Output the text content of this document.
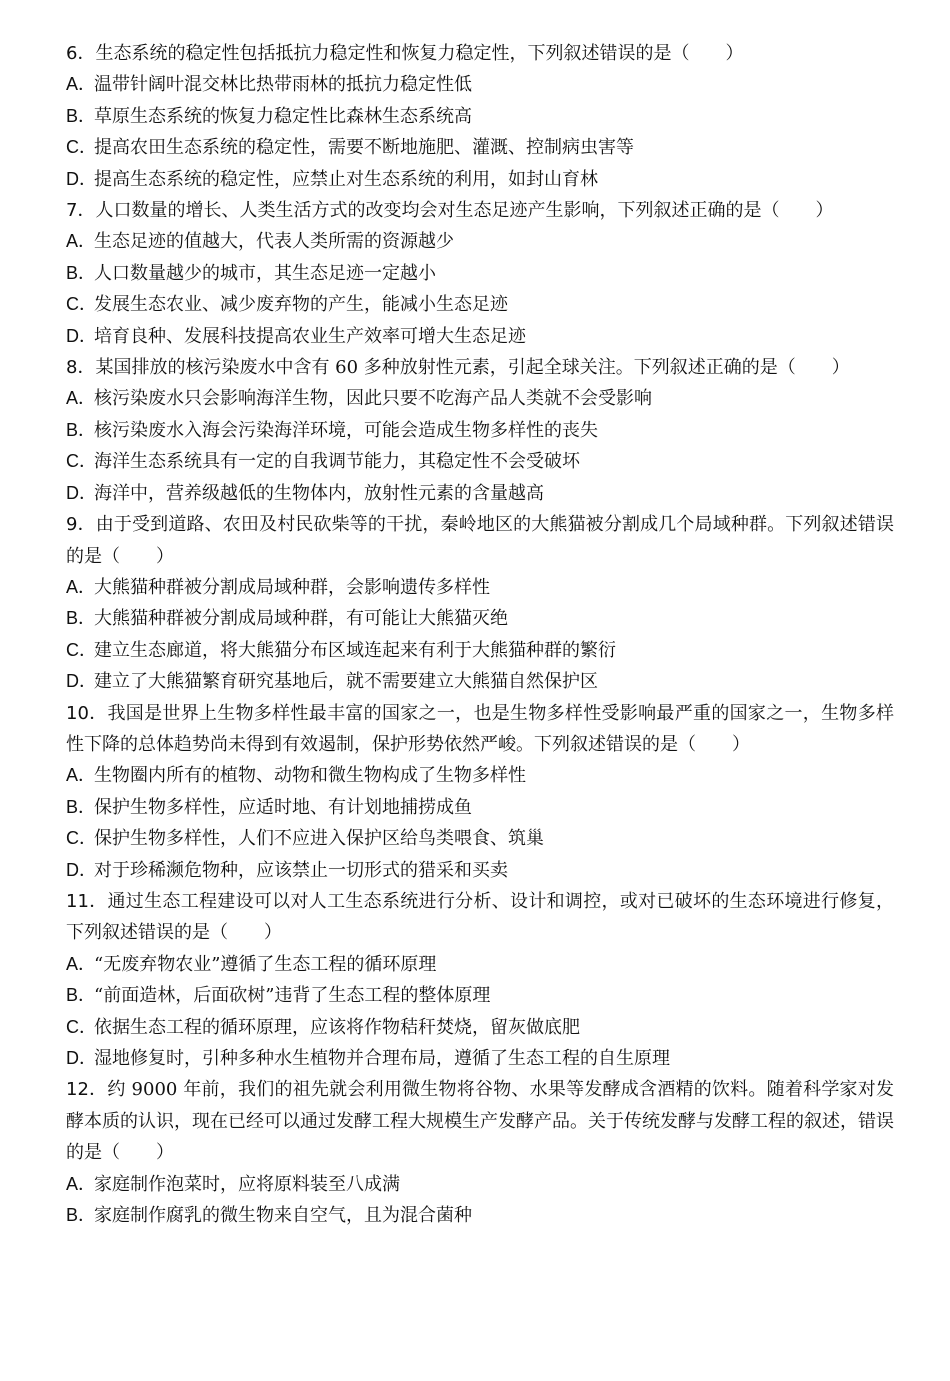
6．生态系统的稳定性包括抵抗力稳定性和恢复力稳定性，下列叙述错误的是（　　）

A．温带针阔叶混交林比热带雨林的抵抗力稳定性低
B．草原生态系统的恢复力稳定性比森林生态系统高
C．提高农田生态系统的稳定性，需要不断地施肥、灌溉、控制病虫害等
D．提高生态系统的稳定性，应禁止对生态系统的利用，如封山育林

7．人口数量的增长、人类生活方式的改变均会对生态足迹产生影响，下列叙述正确的是（　　）

A．生态足迹的值越大，代表人类所需的资源越少
B．人口数量越少的城市，其生态足迹一定越小
C．发展生态农业、减少废弃物的产生，能减小生态足迹
D．培育良种、发展科技提高农业生产效率可增大生态足迹

8．某国排放的核污染废水中含有 60 多种放射性元素，引起全球关注。下列叙述正确的是（　　）

A．核污染废水只会影响海洋生物，因此只要不吃海产品人类就不会受影响
B．核污染废水入海会污染海洋环境，可能会造成生物多样性的丧失
C．海洋生态系统具有一定的自我调节能力，其稳定性不会受破坏
D．海洋中，营养级越低的生物体内，放射性元素的含量越高

9．由于受到道路、农田及村民砍柴等的干扰，秦岭地区的大熊猫被分割成几个局域种群。下列叙述错误的是（　　）

A．大熊猫种群被分割成局域种群，会影响遗传多样性
B．大熊猫种群被分割成局域种群，有可能让大熊猫灭绝
C．建立生态廊道，将大熊猫分布区域连起来有利于大熊猫种群的繁衍
D．建立了大熊猫繁育研究基地后，就不需要建立大熊猫自然保护区

10．我国是世界上生物多样性最丰富的国家之一，也是生物多样性受影响最严重的国家之一，生物多样性下降的总体趋势尚未得到有效遏制，保护形势依然严峻。下列叙述错误的是（　　）

A．生物圈内所有的植物、动物和微生物构成了生物多样性
B．保护生物多样性，应适时地、有计划地捕捞成鱼
C．保护生物多样性，人们不应进入保护区给鸟类喂食、筑巢
D．对于珍稀濒危物种，应该禁止一切形式的猎采和买卖

11．通过生态工程建设可以对人工生态系统进行分析、设计和调控，或对已破坏的生态环境进行修复，下列叙述错误的是（　　）

A．“无废弃物农业”遵循了生态工程的循环原理
B．“前面造林，后面砍树”违背了生态工程的整体原理
C．依据生态工程的循环原理，应该将作物秸秆焚烧，留灰做底肥
D．湿地修复时，引种多种水生植物并合理布局，遵循了生态工程的自生原理

12．约 9000 年前，我们的祖先就会利用微生物将谷物、水果等发酵成含酒精的饮料。随着科学家对发酵本质的认识，现在已经可以通过发酵工程大规模生产发酵产品。关于传统发酵与发酵工程的叙述，错误的是（　　）

A．家庭制作泡菜时，应将原料装至八成满
B．家庭制作腐乳的微生物来自空气，且为混合菌种
